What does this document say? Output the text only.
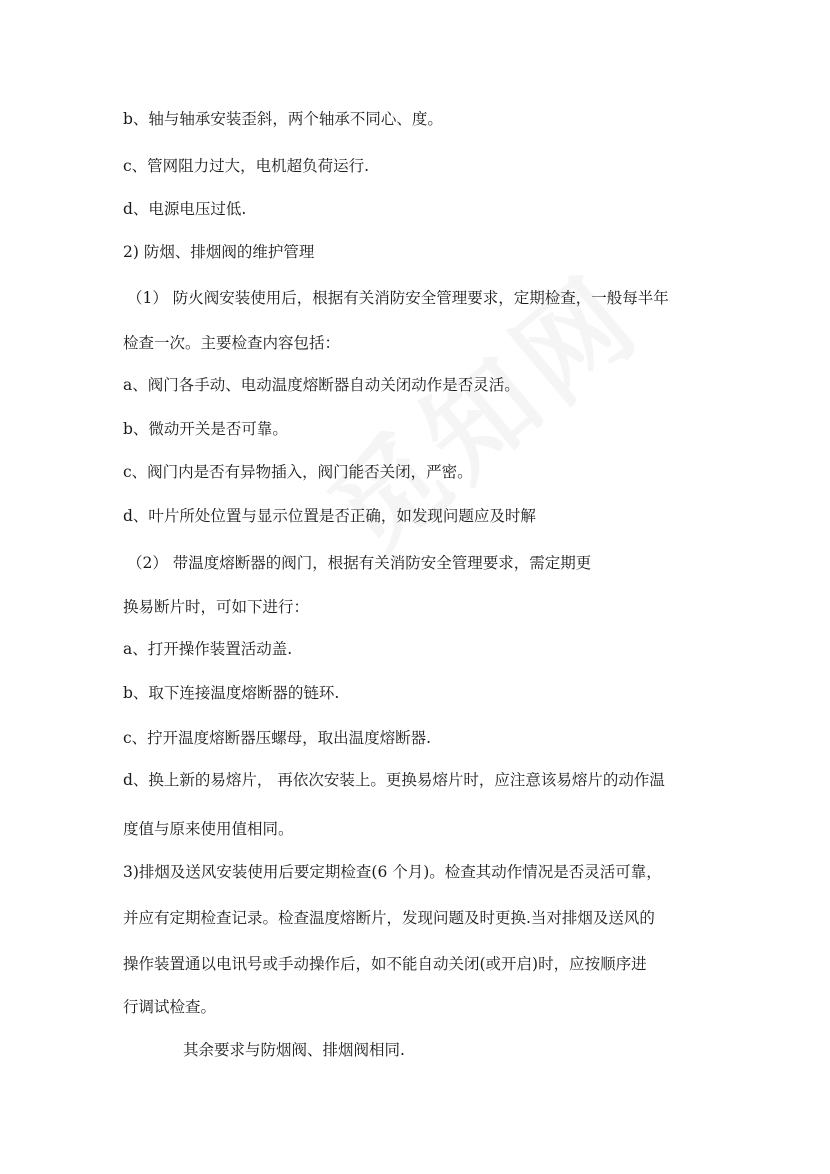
b、轴与轴承安装歪斜，两个轴承不同心、度。
c、管网阻力过大，电机超负荷运行.
d、电源电压过低.
2) 防烟、排烟阀的维护管理
（1） 防火阀安装使用后，根据有关消防安全管理要求，定期检查，一般每半年
检查一次。主要检查内容包括：
a、阀门各手动、电动温度熔断器自动关闭动作是否灵活。
b、微动开关是否可靠。
c、阀门内是否有异物插入，阀门能否关闭，严密。
d、叶片所处位置与显示位置是否正确，如发现问题应及时解
（2） 带温度熔断器的阀门，根据有关消防安全管理要求，需定期更
换易断片时，可如下进行：
a、打开操作装置活动盖.
b、取下连接温度熔断器的链环.
c、拧开温度熔断器压螺母，取出温度熔断器.
d、换上新的易熔片， 再依次安装上。更换易熔片时，应注意该易熔片的动作温
度值与原来使用值相同。
3)排烟及送风安装使用后要定期检查(6 个月)。检查其动作情况是否灵活可靠，
并应有定期检查记录。检查温度熔断片，发现问题及时更换.当对排烟及送风的
操作装置通以电讯号或手动操作后，如不能自动关闭(或开启)时，应按顺序进
行调试检查。
其余要求与防烟阀、排烟阀相同.
